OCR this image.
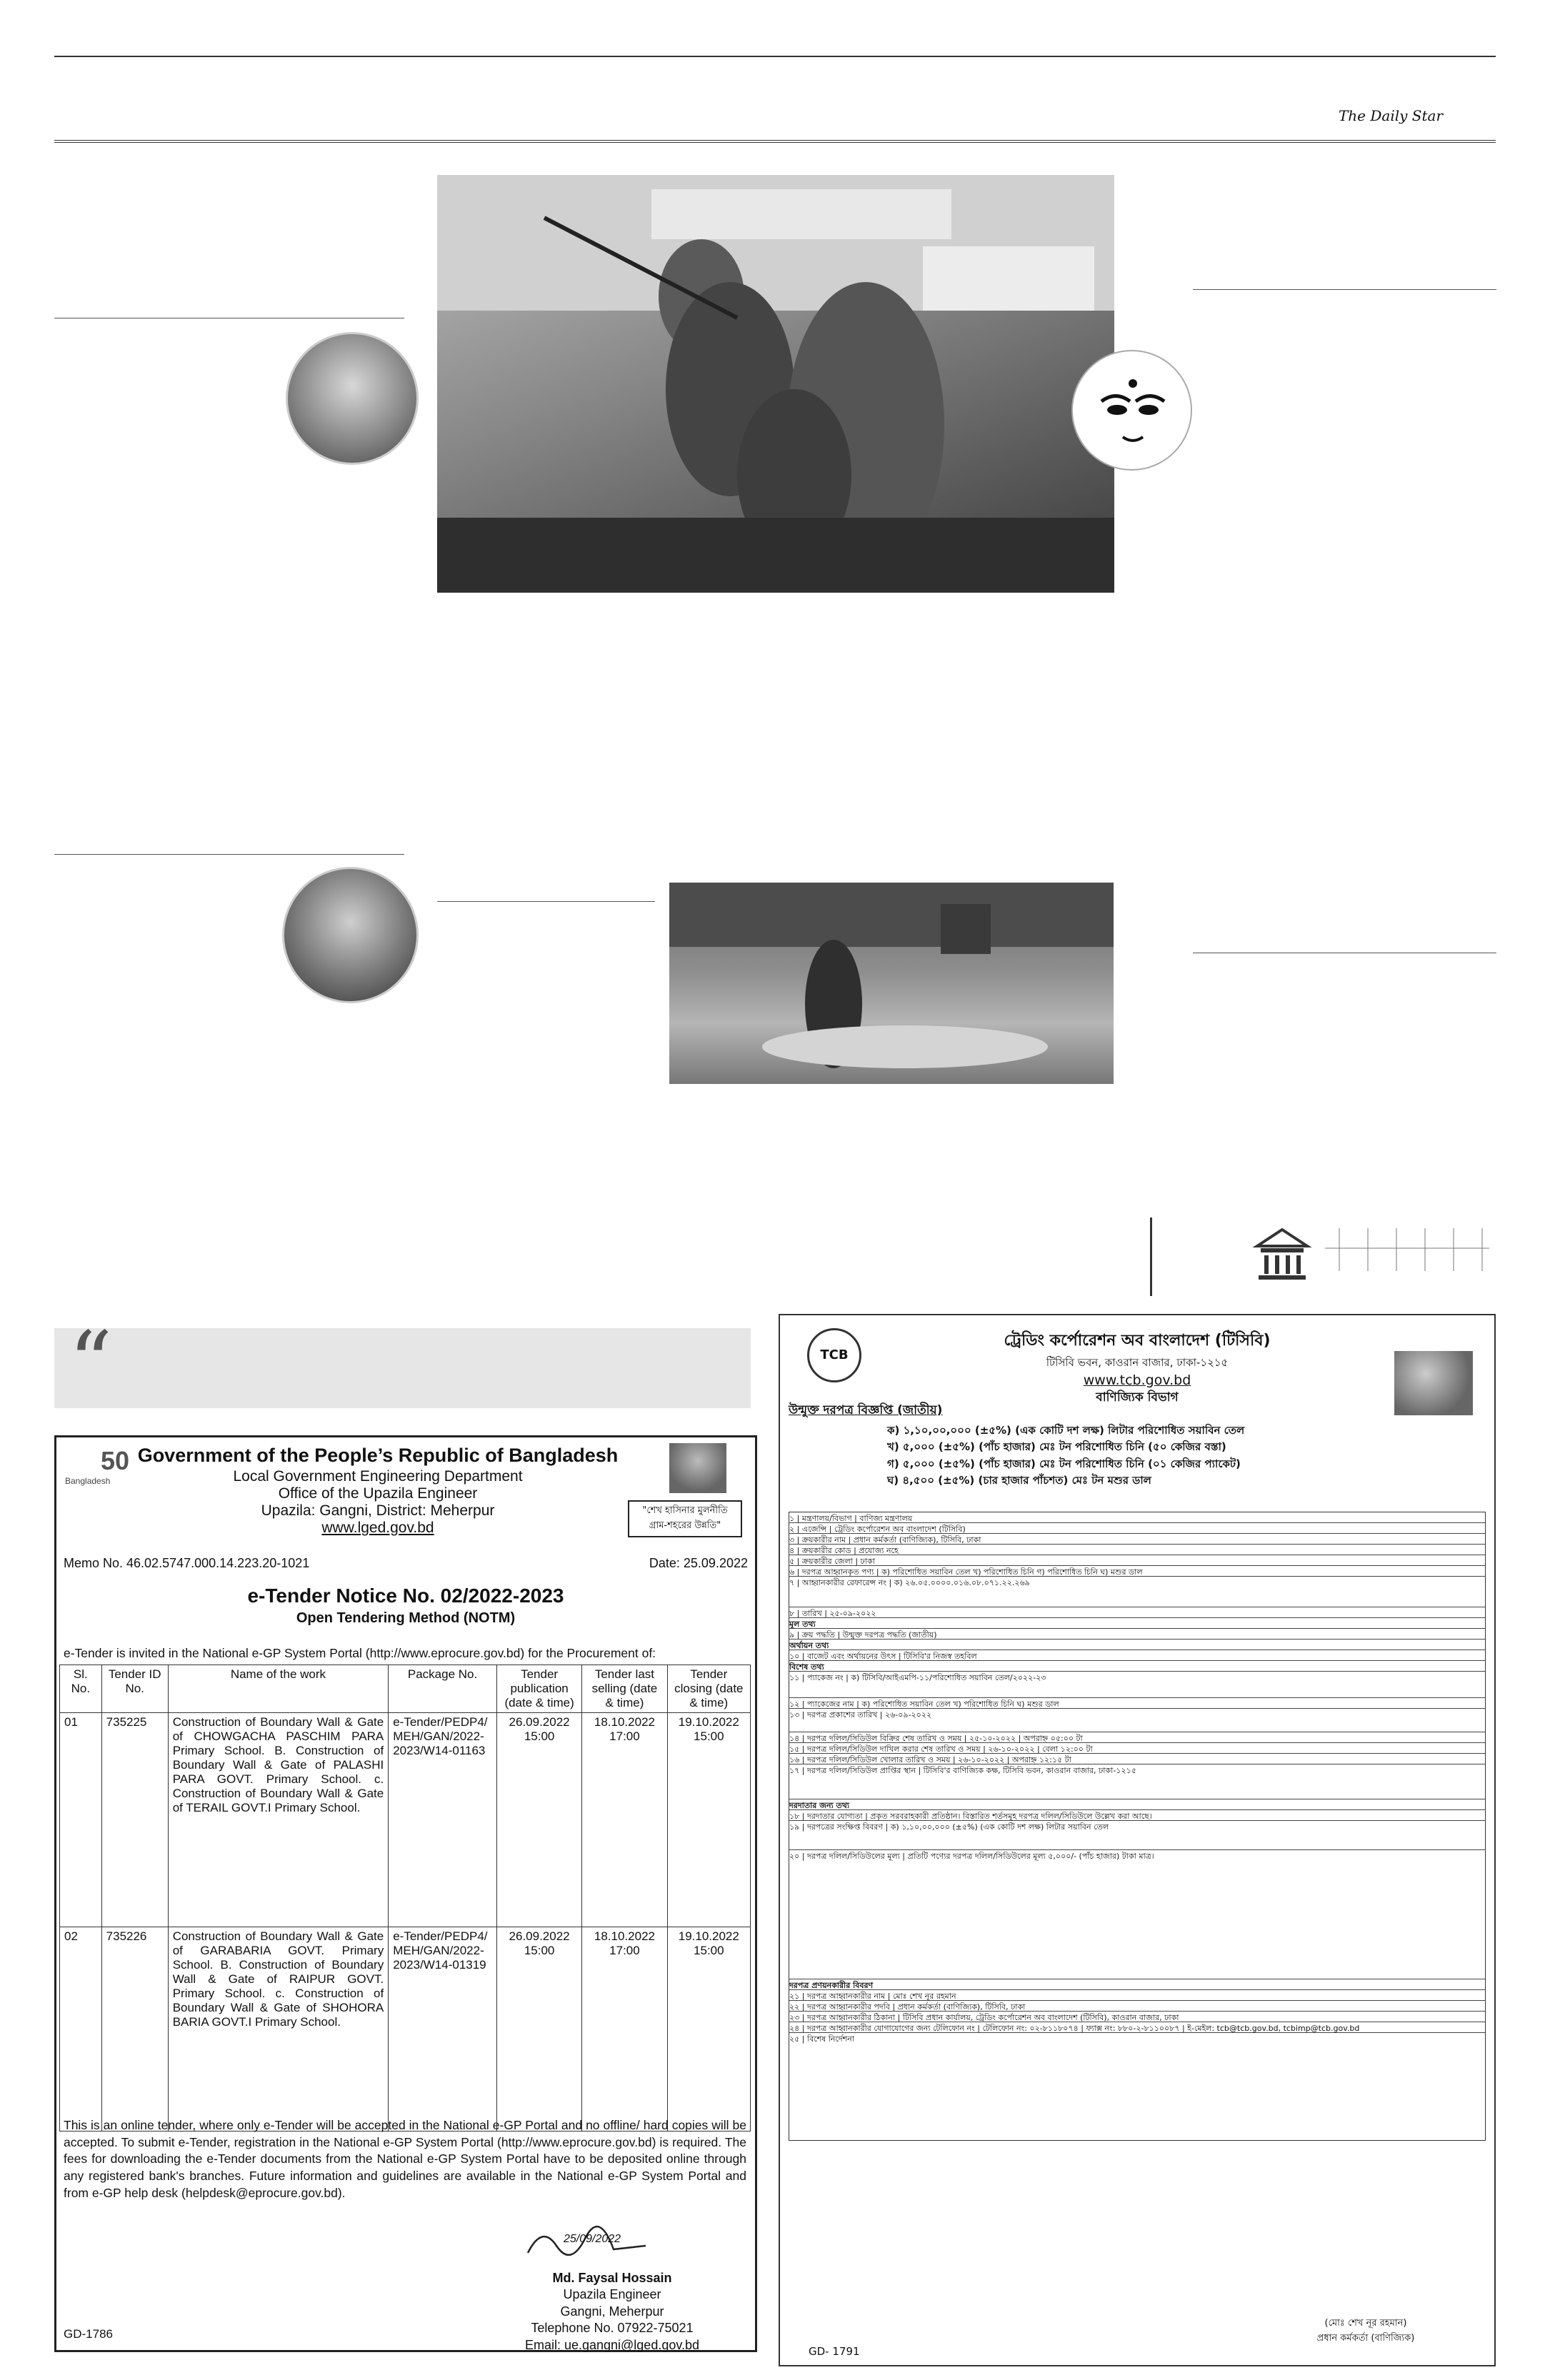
The Daily Star
“
50
Bangladesh
Government of the People’s Republic of Bangladesh
Local Government Engineering Department
Office of the Upazila Engineer
Upazila: Gangni, District: Meherpur
www.lged.gov.bd
"শেখ হাসিনার মুলনীতি
গ্রাম-শহরের উন্নতি"
Memo No. 46.02.5747.000.14.223.20-1021	Date: 25.09.2022
e-Tender Notice No. 02/2022-2023
Open Tendering Method (NOTM)
e-Tender is invited in the National e-GP System Portal (http://www.eprocure.gov.bd) for the Procurement of:
Sl. No.	Tender ID No.	Name of the work	Package No.	Tender publication (date & time)	Tender last selling (date & time)	Tender closing (date & time)
01	735225	Construction of Boundary Wall & Gate of CHOWGACHA PASCHIM PARA Primary School. B. Construction of Boundary Wall & Gate of PALASHI PARA GOVT. Primary School. c. Construction of Boundary Wall & Gate of TERAIL GOVT.I Primary School.	e-Tender/PEDP4/ MEH/GAN/2022- 2023/W14-01163	26.09.2022 15:00	18.10.2022 17:00	19.10.2022 15:00
02	735226	Construction of Boundary Wall & Gate of GARABARIA GOVT. Primary School. B. Construction of Boundary Wall & Gate of RAIPUR GOVT. Primary School. c. Construction of Boundary Wall & Gate of SHOHORA BARIA GOVT.I Primary School.	e-Tender/PEDP4/ MEH/GAN/2022- 2023/W14-01319	26.09.2022 15:00	18.10.2022 17:00	19.10.2022 15:00
This is an online tender, where only e-Tender will be accepted in the National e-GP Portal and no offline/ hard copies will be accepted. To submit e-Tender, registration in the National e-GP System Portal (http://www.eprocure.gov.bd) is required. The fees for downloading the e-Tender documents from the National e-GP System Portal have to be deposited online through any registered bank's branches. Future information and guidelines are available in the National e-GP System Portal and from e-GP help desk (helpdesk@eprocure.gov.bd).
25/09/2022
Md. Faysal Hossain
Upazila Engineer
Gangni, Meherpur
Telephone No. 07922-75021
Email: ue.gangni@lged.gov.bd
GD-1786
TCB
ট্রেডিং কর্পোরেশন অব বাংলাদেশ (টিসিবি)
টিসিবি ভবন, কাওরান বাজার, ঢাকা-১২১৫
www.tcb.gov.bd
বাণিজ্যিক বিভাগ
উন্মুক্ত দরপত্র বিজ্ঞপ্তি (জাতীয়)
ক) ১,১০,০০,০০০ (±৫%) (এক কোটি দশ লক্ষ) লিটার পরিশোধিত সয়াবিন তেল
খ) ৫,০০০ (±৫%) (পাঁচ হাজার) মেঃ টন পরিশোধিত চিনি (৫০ কেজির বস্তা)
গ) ৫,০০০ (±৫%) (পাঁচ হাজার) মেঃ টন পরিশোধিত চিনি (০১ কেজির প্যাকেট)
ঘ) ৪,৫০০ (±৫%) (চার হাজার পাঁচশত) মেঃ টন মশুর ডাল
১ | মন্ত্রণালয়/বিভাগ | বাণিজ্য মন্ত্রণালয়
২ | এজেন্সি | ট্রেডিং কর্পোরেশন অব বাংলাদেশ (টিসিবি)
৩ | ক্রয়কারীর নাম | প্রধান কর্মকর্তা (বাণিজ্যিক), টিসিবি, ঢাকা
৪ | ক্রয়কারীর কোড | প্রযোজ্য নহে
৫ | ক্রয়কারীর জেলা | ঢাকা
৬ | দরপত্র আহ্বানকৃত পণ্য | ক) পরিশোধিত সয়াবিন তেল খ) পরিশোধিত চিনি গ) পরিশোধিত চিনি ঘ) মশুর ডাল
৭ | আহ্বানকারীর রেফারেন্স নং | ক) ২৬.০৫.০০০০.০১৬.০৮.০৭১.২২.২৬৯
৮ | তারিখ | ২৫-০৯-২০২২
মূল তথ্য
৯ | ক্রয় পদ্ধতি | উন্মুক্ত দরপত্র পদ্ধতি (জাতীয়)
অর্থায়ন তথ্য
১০ | বাজেট এবং অর্থায়নের উৎস | টিসিবি'র নিজস্ব তহবিল
বিশেষ তথ্য
১১ | প্যাকেজ নং | ক) টিসিবি/আইএমপি-১১/পরিশোধিত সয়াবিন তেল/২০২২-২৩
১২ | প্যাকেজের নাম | ক) পরিশোধিত সয়াবিন তেল খ) পরিশোধিত চিনি ঘ) মশুর ডাল
১৩ | দরপত্র প্রকাশের তারিখ | ২৬-০৯-২০২২
১৪ | দরপত্র দলিল/সিডিউল বিক্রির শেষ তারিখ ও সময় | ২৫-১০-২০২২ | অপরাহ্ন ০৫:০০ টা
১৫ | দরপত্র দলিল/সিডিউল দাখিল করার শেষ তারিখ ও সময় | ২৬-১০-২০২২ | বেলা ১২:০০ টা
১৬ | দরপত্র দলিল/সিডিউল খোলার তারিখ ও সময় | ২৬-১০-২০২২ | অপরাহ্ন ১২:১৫ টা
১৭ | দরপত্র দলিল/সিডিউল প্রাপ্তির স্থান | টিসিবি'র বাণিজ্যিক কক্ষ, টিসিবি ভবন, কাওরান বাজার, ঢাকা-১২১৫
দরদাতার জন্য তথ্য
১৮ | দরদাতার যোগ্যতা | প্রকৃত সরবরাহকারী প্রতিষ্ঠান। বিস্তারিত শর্তসমূহ দরপত্র দলিল/সিডিউলে উল্লেখ করা আছে।
১৯ | দরপত্রের সংক্ষিপ্ত বিবরণ | ক) ১,১০,০০,০০০ (±৫%) (এক কোটি দশ লক্ষ) লিটার সয়াবিন তেল
২০ | দরপত্র দলিল/সিডিউলের মূল্য | প্রতিটি পণ্যের দরপত্র দলিল/সিডিউলের মূল্য ৫,০০০/- (পাঁচ হাজার) টাকা মাত্র।
দরপত্র প্রণয়নকারীর বিবরণ
২১ | দরপত্র আহ্বানকারীর নাম | মোঃ শেখ নূর রহমান
২২ | দরপত্র আহ্বানকারীর পদবি | প্রধান কর্মকর্তা (বাণিজ্যিক), টিসিবি, ঢাকা
২৩ | দরপত্র আহ্বানকারীর ঠিকানা | টিসিবি প্রধান কার্যালয়, ট্রেডিং কর্পোরেশন অব বাংলাদেশ (টিসিবি), কাওরান বাজার, ঢাকা
২৪ | দরপত্র আহ্বানকারীর যোগাযোগের জন্য টেলিফোন নং | টেলিফোন নং: ০২-৮১১৮০৭৪ | ফ্যাক্স নং: ৮৮০-২-৮১১০০৮৭ | ই-মেইল: tcb@tcb.gov.bd, tcbimp@tcb.gov.bd
২৫ | বিশেষ নির্দেশনা
(মোঃ শেখ নূর রহমান)
প্রধান কর্মকর্তা (বাণিজ্যিক)
GD- 1791
